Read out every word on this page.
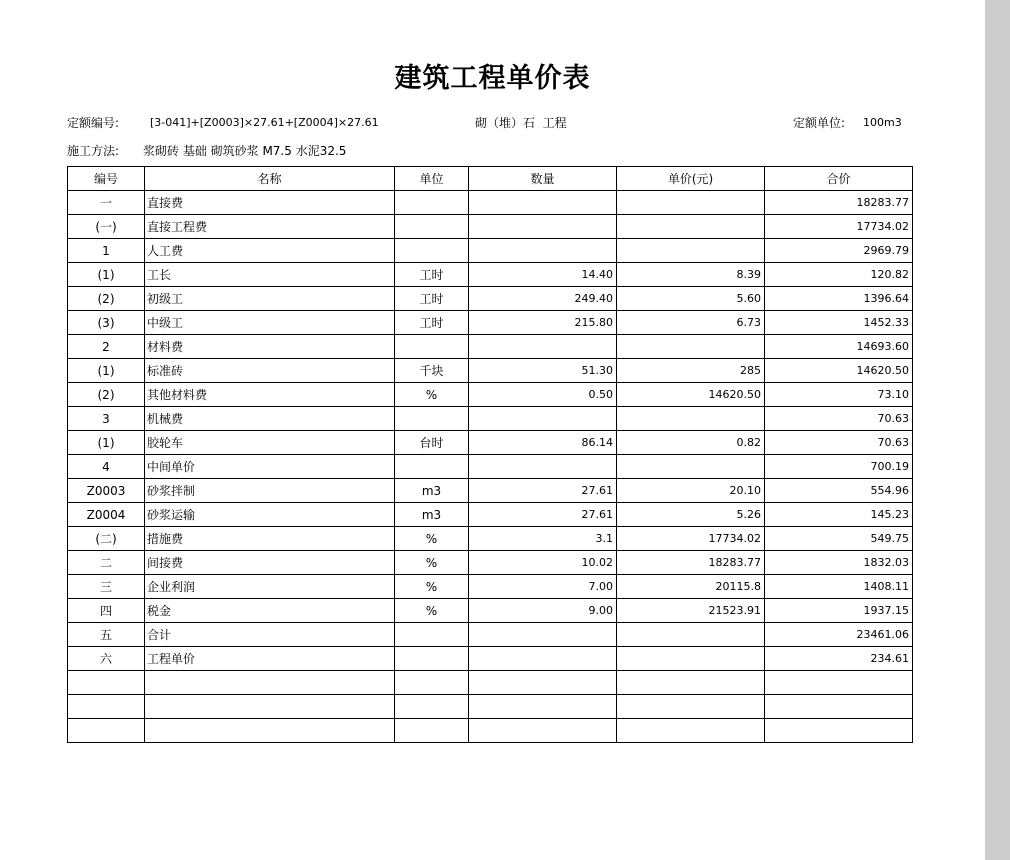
建筑工程单价表
定额编号:	[3-041]+[Z0003]×27.61+[Z0004]×27.61	砌（堆）石  工程	定额单位: 100m3
施工方法: 浆砌砖 基础 砌筑砂浆 M7.5 水泥32.5
编号	名称	单位	数量	单价(元)	合价
一	直接费				18283.77
(一)	直接工程费				17734.02
1	人工费				2969.79
(1)	工长	工时	14.40	8.39	120.82
(2)	初级工	工时	249.40	5.60	1396.64
(3)	中级工	工时	215.80	6.73	1452.33
2	材料费				14693.60
(1)	标准砖	千块	51.30	285	14620.50
(2)	其他材料费	%	0.50	14620.50	73.10
3	机械费				70.63
(1)	胶轮车	台时	86.14	0.82	70.63
4	中间单价				700.19
Z0003	砂浆拌制	m3	27.61	20.10	554.96
Z0004	砂浆运输	m3	27.61	5.26	145.23
(二)	措施费	%	3.1	17734.02	549.75
二	间接费	%	10.02	18283.77	1832.03
三	企业利润	%	7.00	20115.8	1408.11
四	税金	%	9.00	21523.91	1937.15
五	合计				23461.06
六	工程单价				234.61
